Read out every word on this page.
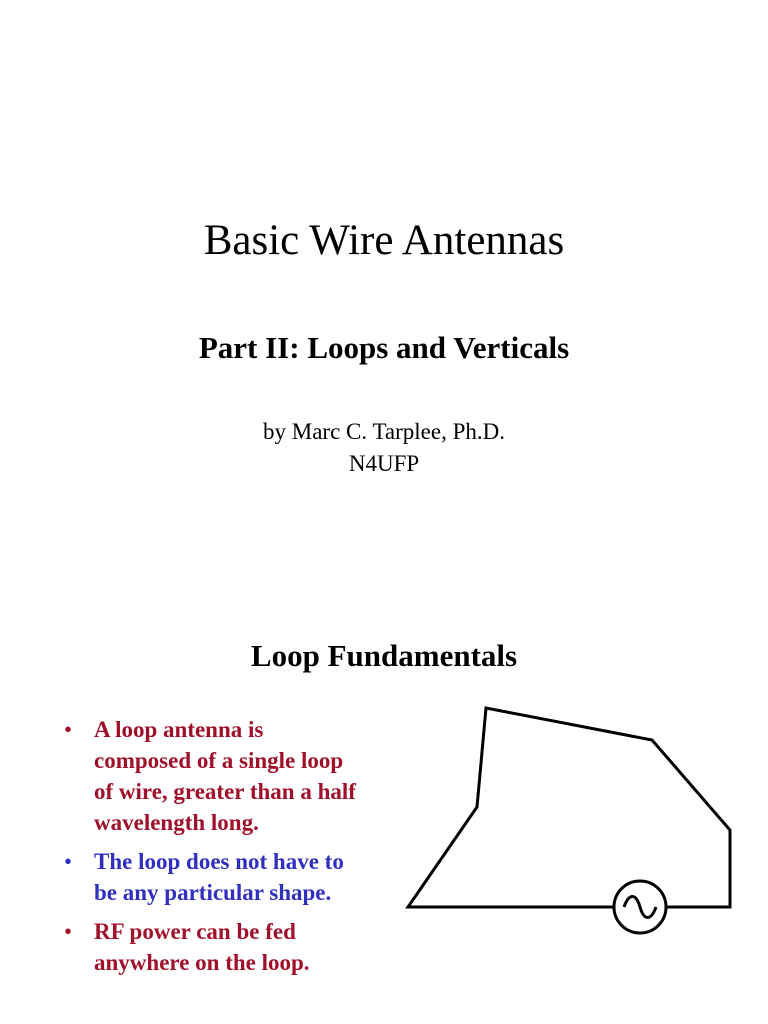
Basic Wire Antennas
Part II: Loops and Verticals
by Marc C. Tarplee, Ph.D.
N4UFP
Loop Fundamentals
• A loop antenna is composed of a single loop of wire, greater than a half wavelength long.
• The loop does not have to be any particular shape.
• RF power can be fed anywhere on the loop.
